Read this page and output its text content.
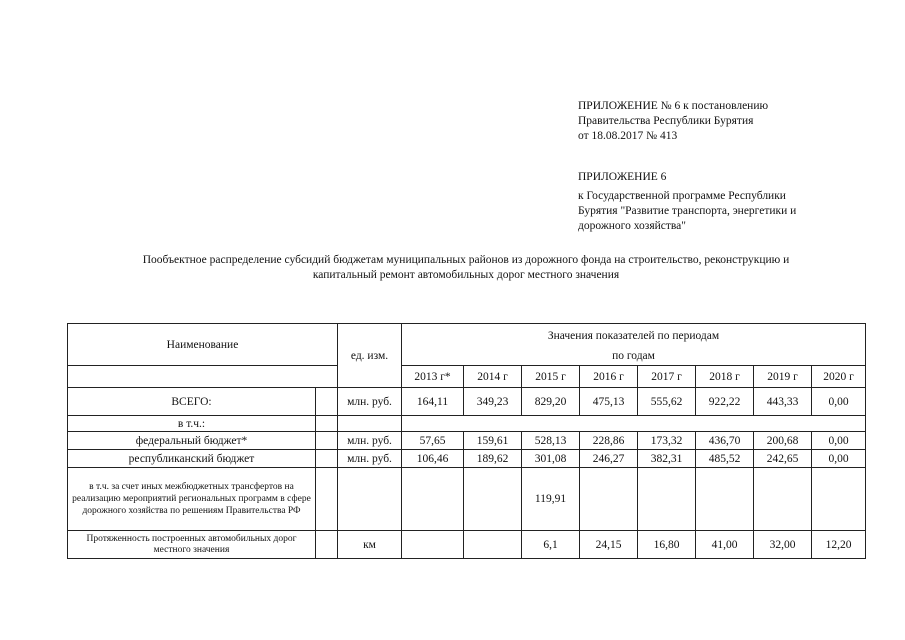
ПРИЛОЖЕНИЕ № 6 к постановлению
Правительства Республики Бурятия
от 18.08.2017 № 413
ПРИЛОЖЕНИЕ 6
к Государственной программе Республики
Бурятия "Развитие транспорта, энергетики и
дорожного хозяйства"
Пообъектное распределение субсидий бюджетам муниципальных районов из дорожного фонда на строительство, реконструкцию и
капитальный ремонт автомобильных дорог местного значения
Наименование		ед. изм.	Значения показателей по периодам							
			по годам							
			2013 г*	2014 г	2015 г	2016 г	2017 г	2018 г	2019 г	2020 г
ВСЕГО:		млн. руб.	164,11	349,23	829,20	475,13	555,62	922,22	443,33	0,00
в т.ч.:										
федеральный бюджет*		млн. руб.	57,65	159,61	528,13	228,86	173,32	436,70	200,68	0,00
республиканский бюджет		млн. руб.	106,46	189,62	301,08	246,27	382,31	485,52	242,65	0,00
в т.ч. за счет иных межбюджетных трансфертов на реализацию мероприятий региональных программ в сфере дорожного хозяйства по решениям Правительства РФ					119,91					
Протяженность построенных автомобильных дорог местного значения		км			6,1	24,15	16,80	41,00	32,00	12,20
